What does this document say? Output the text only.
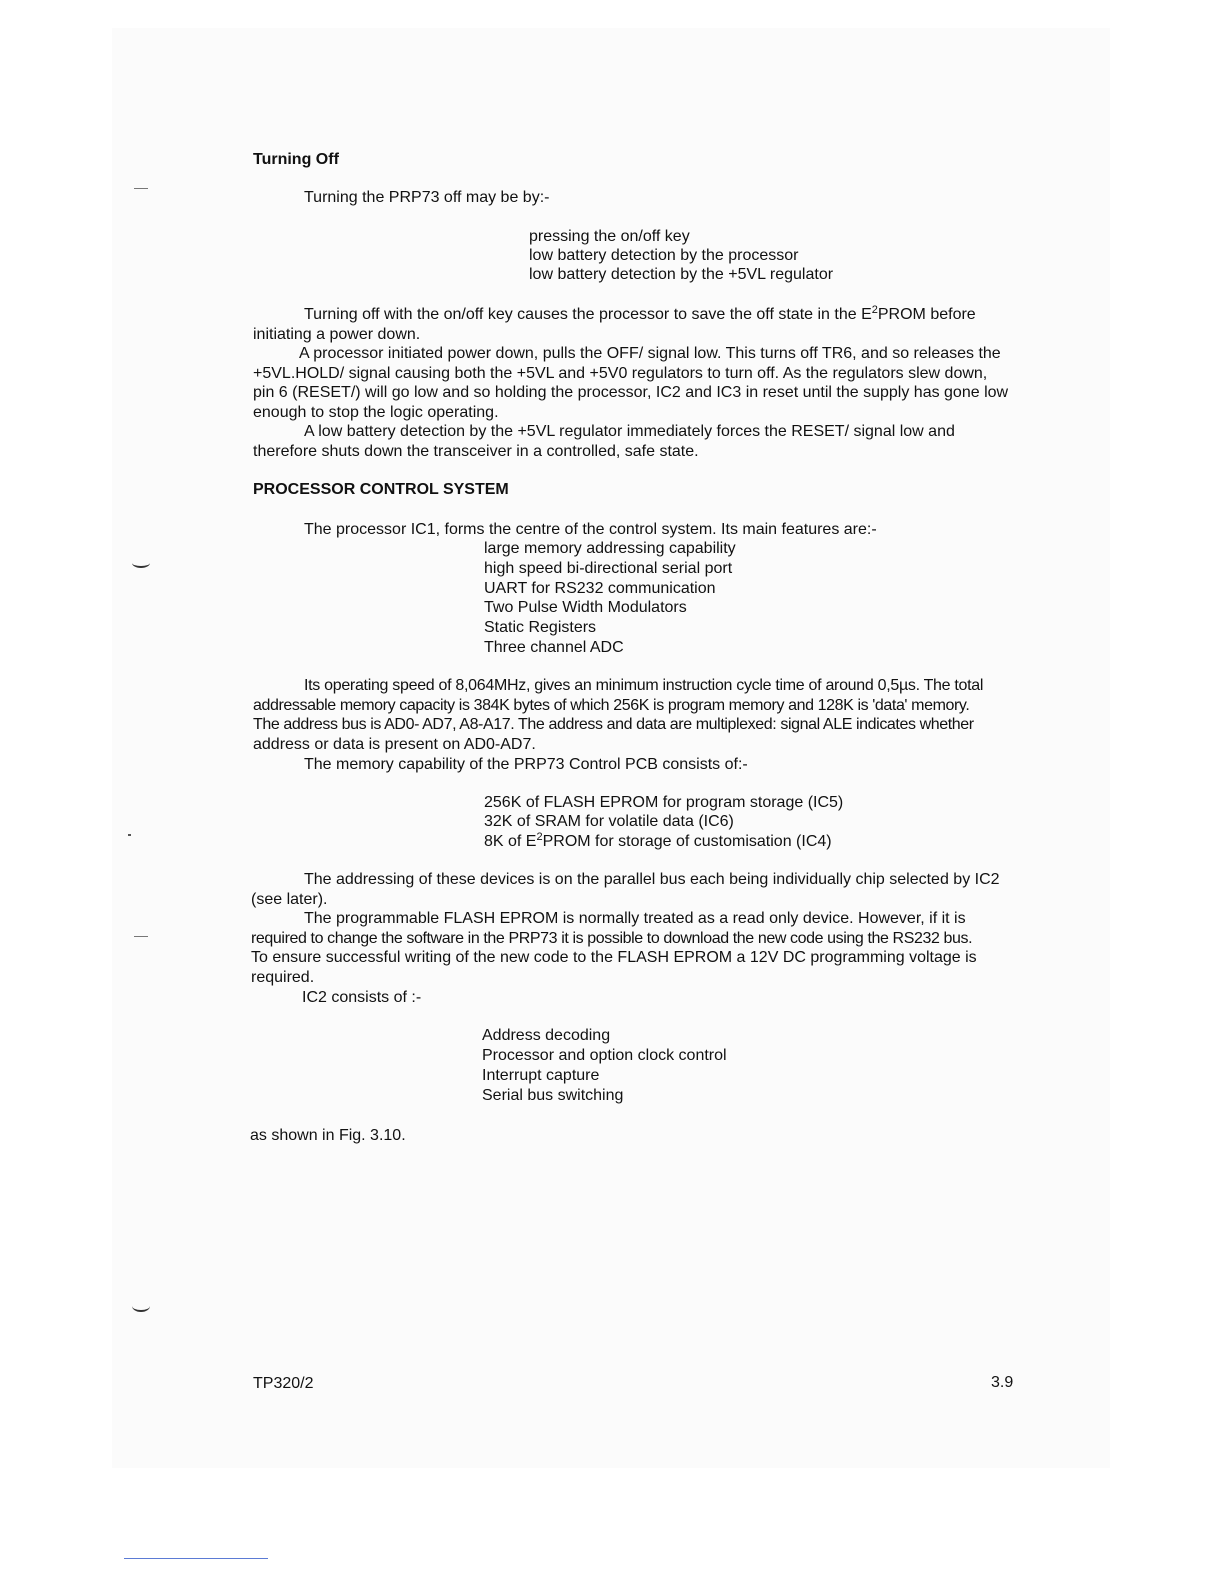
Turning Off
Turning the PRP73 off may be by:-
pressing the on/off key
low battery detection by the processor
low battery detection by the +5VL regulator
Turning off with the on/off key causes the processor to save the off state in the $E^2PROM$ before
initiating a power down.
A processor initiated power down, pulls the OFF/ signal low. This turns off TR6, and so releases the
+5VL.HOLD/ signal causing both the +5VL and +5V0 regulators to turn off. As the regulators slew down,
pin 6 (RESET/) will go low and so holding the processor, IC2 and IC3 in reset until the supply has gone low
enough to stop the logic operating.
A low battery detection by the +5VL regulator immediately forces the RESET/ signal low and
therefore shuts down the transceiver in a controlled, safe state.
PROCESSOR CONTROL SYSTEM
The processor IC1, forms the centre of the control system. Its main features are:-
large memory addressing capability
high speed bi-directional serial port
UART for RS232 communication
Two Pulse Width Modulators
Static Registers
Three channel ADC
Its operating speed of 8,064MHz, gives an minimum instruction cycle time of around 0,5µs. The total
addressable memory capacity is 384K bytes of which 256K is program memory and 128K is 'data' memory.
The address bus is AD0- AD7, A8-A17. The address and data are multiplexed: signal ALE indicates whether
address or data is present on AD0-AD7.
The memory capability of the PRP73 Control PCB consists of:-
256K of FLASH EPROM for program storage (IC5)
32K of SRAM for volatile data (IC6)
8K of $E^2PROM$ for storage of customisation (IC4)
The addressing of these devices is on the parallel bus each being individually chip selected by IC2
(see later).
The programmable FLASH EPROM is normally treated as a read only device. However, if it is
required to change the software in the PRP73 it is possible to download the new code using the RS232 bus.
To ensure successful writing of the new code to the FLASH EPROM a 12V DC programming voltage is
required.
IC2 consists of :-
Address decoding
Processor and option clock control
Interrupt capture
Serial bus switching
as shown in Fig. 3.10.
TP320/2	3.9
